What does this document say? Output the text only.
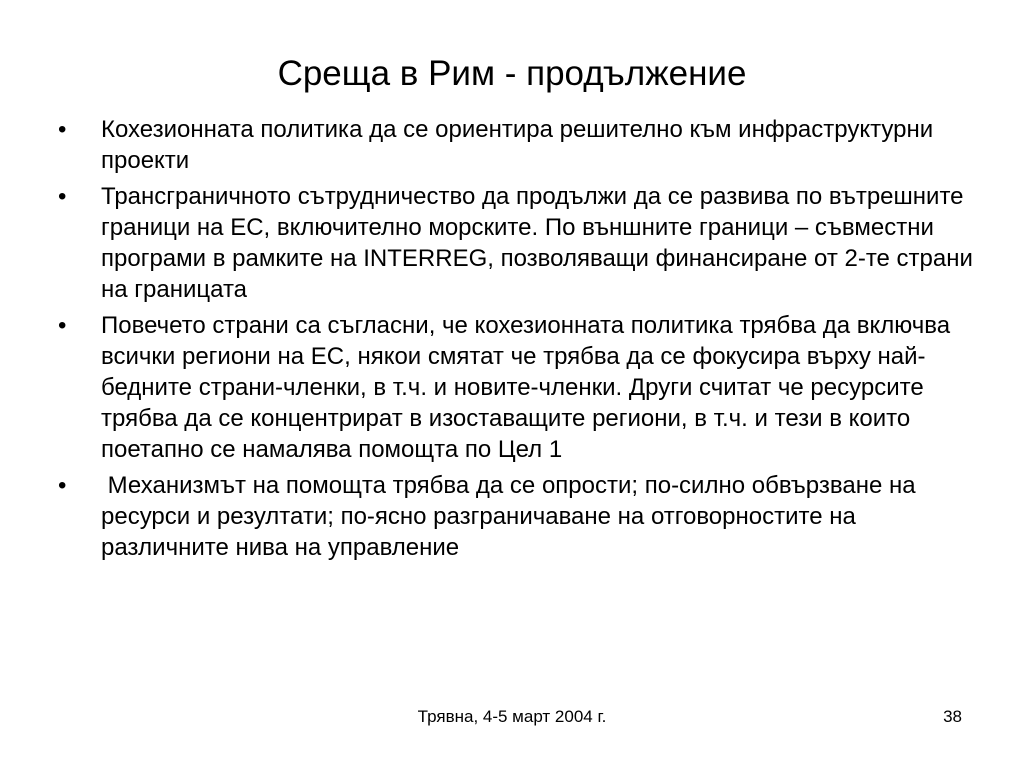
Среща в Рим - продължение
• Кохезионната политика да се ориентира решително към инфраструктурни проекти
• Трансграничното сътрудничество да продължи да се развива по вътрешните граници на ЕС, включително морските. По външните граници – съвместни програми в рамките на INTERREG, позволяващи финансиране от 2-те страни на границата
• Повечето страни са съгласни, че кохезионната политика трябва да включва всички региони на ЕС, някои смятат че трябва да се фокусира върху най-бедните страни-членки, в т.ч. и новите-членки. Други считат че ресурсите трябва да се концентрират в изоставащите региони, в т.ч. и тези в които поетапно се намалява помощта по Цел 1
• Механизмът на помощта трябва да се опрости; по-силно обвързване на ресурси и резултати; по-ясно разграничаване на отговорностите на различните нива на управление
Трявна, 4-5 март 2004 г.	38
